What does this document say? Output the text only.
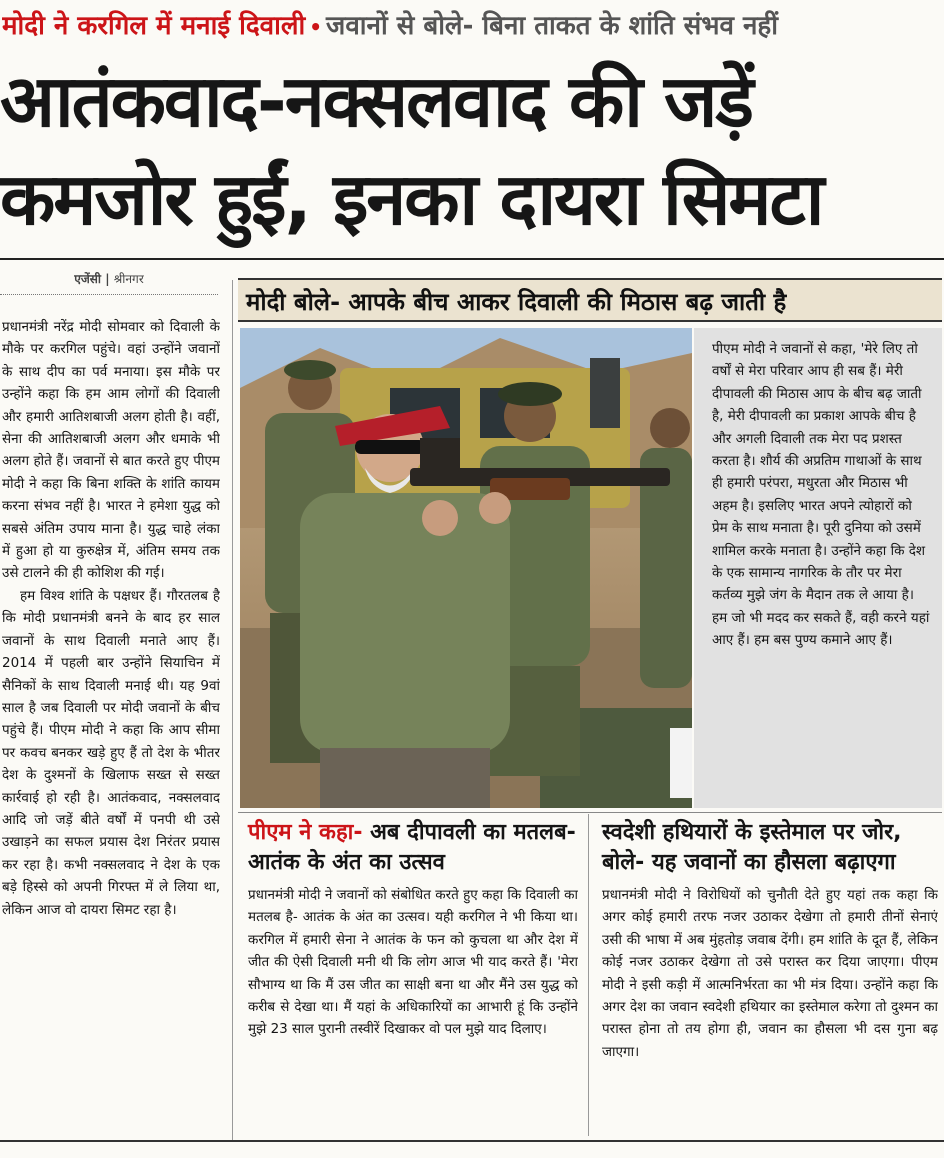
मोदी ने करगिल में मनाई दिवाली • जवानों से बोले- बिना ताकत के शांति संभव नहीं
आतंकवाद-नक्सलवाद की जड़ें
कमजोर हुईं, इनका दायरा सिमटा
एजेंसी | श्रीनगर

प्रधानमंत्री नरेंद्र मोदी सोमवार को दिवाली के मौके पर करगिल पहुंचे। वहां उन्होंने जवानों के साथ दीप का पर्व मनाया। इस मौके पर उन्होंने कहा कि हम आम लोगों की दिवाली और हमारी आतिशबाजी अलग होती है। वहीं, सेना की आतिशबाजी अलग और धमाके भी अलग होते हैं। जवानों से बात करते हुए पीएम मोदी ने कहा कि बिना शक्ति के शांति कायम करना संभव नहीं है। भारत ने हमेशा युद्ध को सबसे अंतिम उपाय माना है। युद्ध चाहे लंका में हुआ हो या कुरुक्षेत्र में, अंतिम समय तक उसे टालने की ही कोशिश की गई।

हम विश्व शांति के पक्षधर हैं। गौरतलब है कि मोदी प्रधानमंत्री बनने के बाद हर साल जवानों के साथ दिवाली मनाते आए हैं। 2014 में पहली बार उन्होंने सियाचिन में सैनिकों के साथ दिवाली मनाई थी। यह 9वां साल है जब दिवाली पर मोदी जवानों के बीच पहुंचे हैं। पीएम मोदी ने कहा कि आप सीमा पर कवच बनकर खड़े हुए हैं तो देश के भीतर देश के दुश्मनों के खिलाफ सख्त से सख्त कार्रवाई हो रही है। आतंकवाद, नक्सलवाद आदि जो जड़ें बीते वर्षों में पनपी थी उसे उखाड़ने का सफल प्रयास देश निरंतर प्रयास कर रहा है। कभी नक्सलवाद ने देश के एक बड़े हिस्से को अपनी गिरफ्त में ले लिया था, लेकिन आज वो दायरा सिमट रहा है।

मोदी बोले- आपके बीच आकर दिवाली की मिठास बढ़ जाती है
पीएम मोदी ने जवानों से कहा, 'मेरे लिए तो वर्षों से मेरा परिवार आप ही सब हैं। मेरी दीपावली की मिठास आप के बीच बढ़ जाती है, मेरी दीपावली का प्रकाश आपके बीच है और अगली दिवाली तक मेरा पद प्रशस्त करता है। शौर्य की अप्रतिम गाथाओं के साथ ही हमारी परंपरा, मधुरता और मिठास भी अहम है। इसलिए भारत अपने त्योहारों को प्रेम के साथ मनाता है। पूरी दुनिया को उसमें शामिल करके मनाता है। उन्होंने कहा कि देश के एक सामान्य नागरिक के तौर पर मेरा कर्तव्य मुझे जंग के मैदान तक ले आया है। हम जो भी मदद कर सकते हैं, वही करने यहां आए हैं। हम बस पुण्य कमाने आए हैं।
पीएम ने कहा- अब दीपावली का मतलब- आतंक के अंत का उत्सव
प्रधानमंत्री मोदी ने जवानों को संबोधित करते हुए कहा कि दिवाली का मतलब है- आतंक के अंत का उत्सव। यही करगिल ने भी किया था। करगिल में हमारी सेना ने आतंक के फन को कुचला था और देश में जीत की ऐसी दिवाली मनी थी कि लोग आज भी याद करते हैं। 'मेरा सौभाग्य था कि मैं उस जीत का साक्षी बना था और मैंने उस युद्ध को करीब से देखा था। मैं यहां के अधिकारियों का आभारी हूं कि उन्होंने मुझे 23 साल पुरानी तस्वीरें दिखाकर वो पल मुझे याद दिलाए।
स्वदेशी हथियारों के इस्तेमाल पर जोर, बोले- यह जवानों का हौसला बढ़ाएगा
प्रधानमंत्री मोदी ने विरोधियों को चुनौती देते हुए यहां तक कहा कि अगर कोई हमारी तरफ नजर उठाकर देखेगा तो हमारी तीनों सेनाएं उसी की भाषा में अब मुंहतोड़ जवाब देंगी। हम शांति के दूत हैं, लेकिन कोई नजर उठाकर देखेगा तो उसे परास्त कर दिया जाएगा। पीएम मोदी ने इसी कड़ी में आत्मनिर्भरता का भी मंत्र दिया। उन्होंने कहा कि अगर देश का जवान स्वदेशी हथियार का इस्तेमाल करेगा तो दुश्मन का परास्त होना तो तय होगा ही, जवान का हौसला भी दस गुना बढ़ जाएगा।
